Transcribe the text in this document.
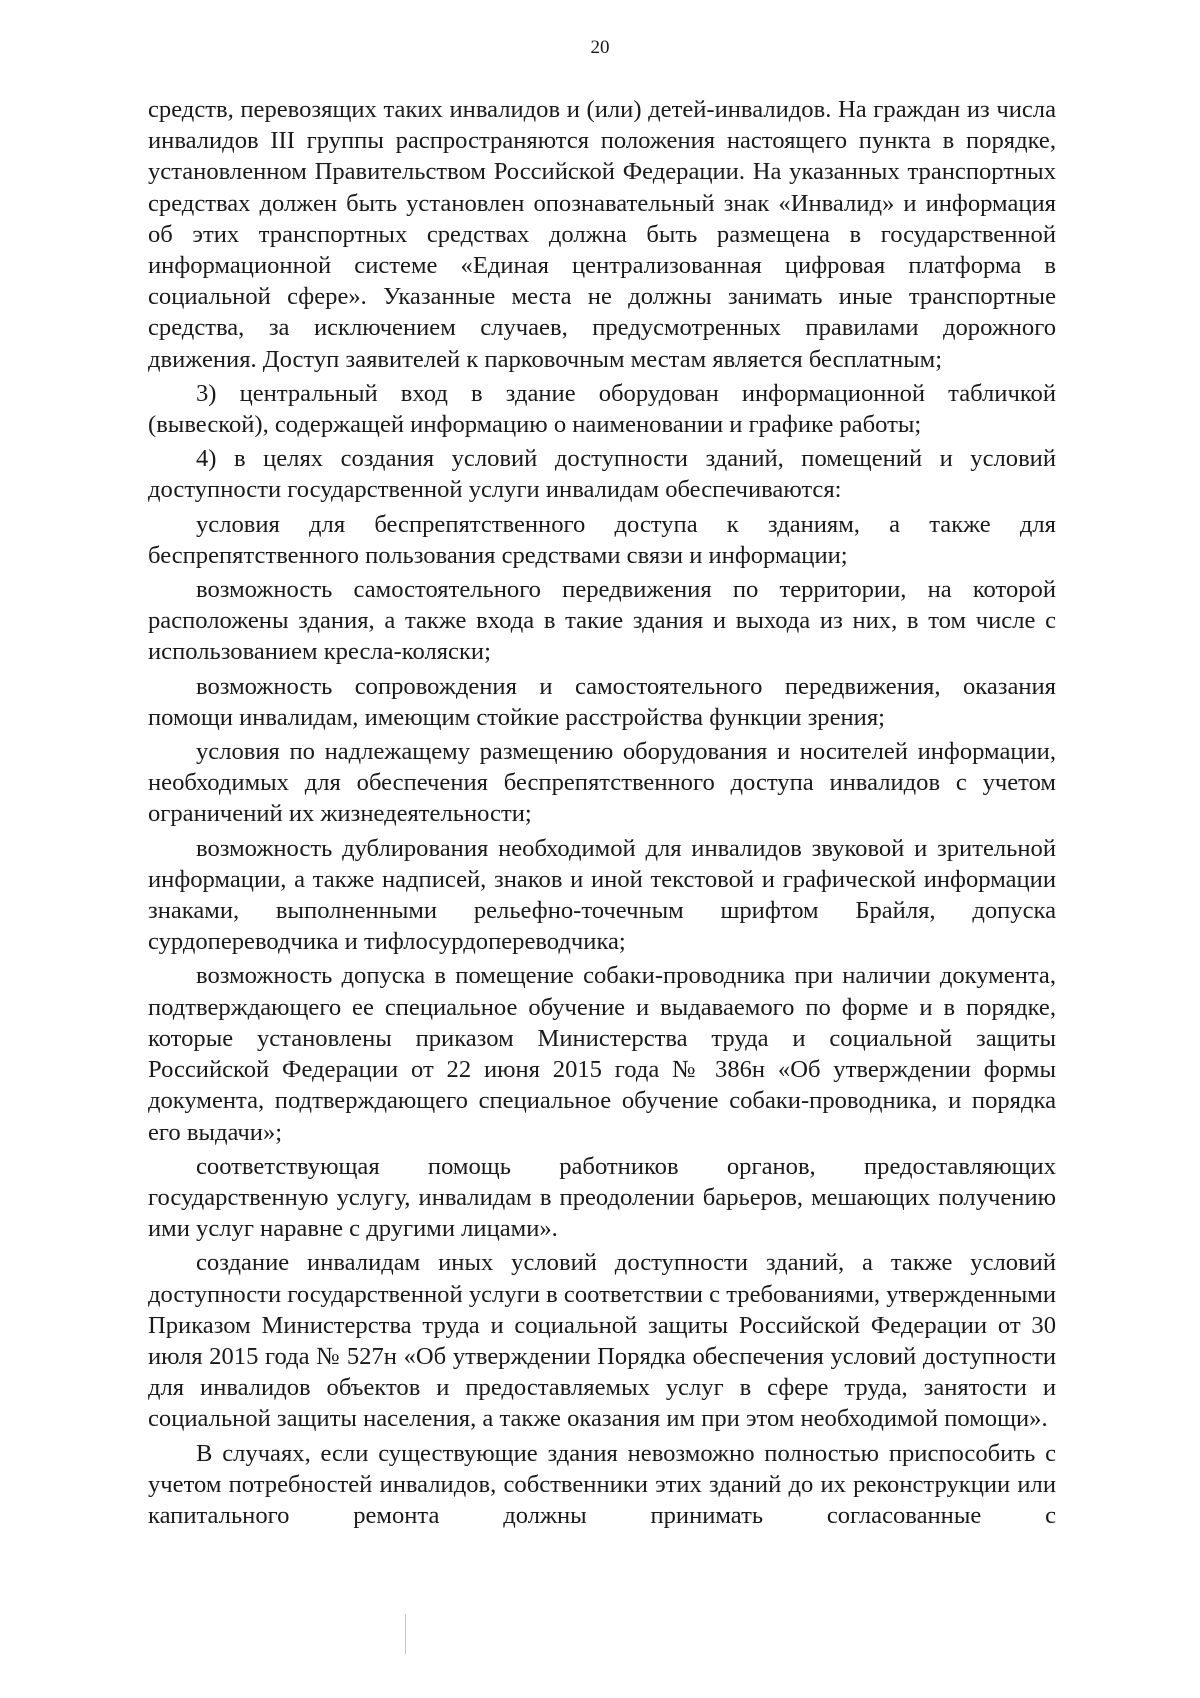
20

средств, перевозящих таких инвалидов и (или) детей-инвалидов. На граждан из числа инвалидов III группы распространяются положения настоящего пункта в порядке, установленном Правительством Российской Федерации. На указанных транспортных средствах должен быть установлен опознавательный знак «Инвалид» и информация об этих транспортных средствах должна быть размещена в государственной информационной системе «Единая централизованная цифровая платформа в социальной сфере». Указанные места не должны занимать иные транспортные средства, за исключением случаев, предусмотренных правилами дорожного движения. Доступ заявителей к парковочным местам является бесплатным;

3) центральный вход в здание оборудован информационной табличкой (вывеской), содержащей информацию о наименовании и графике работы;

4) в целях создания условий доступности зданий, помещений и условий доступности государственной услуги инвалидам обеспечиваются:

условия для беспрепятственного доступа к зданиям, а также для беспрепятственного пользования средствами связи и информации;

возможность самостоятельного передвижения по территории, на которой расположены здания, а также входа в такие здания и выхода из них, в том числе с использованием кресла-коляски;

возможность сопровождения и самостоятельного передвижения, оказания помощи инвалидам, имеющим стойкие расстройства функции зрения;

условия по надлежащему размещению оборудования и носителей информации, необходимых для обеспечения беспрепятственного доступа инвалидов с учетом ограничений их жизнедеятельности;

возможность дублирования необходимой для инвалидов звуковой и зрительной информации, а также надписей, знаков и иной текстовой и графической информации знаками, выполненными рельефно-точечным шрифтом Брайля, допуска сурдопереводчика и тифлосурдопереводчика;

возможность допуска в помещение собаки-проводника при наличии документа, подтверждающего ее специальное обучение и выдаваемого по форме и в порядке, которые установлены приказом Министерства труда и социальной защиты Российской Федерации от 22 июня 2015 года № 386н «Об утверждении формы документа, подтверждающего специальное обучение собаки-проводника, и порядка его выдачи»;

соответствующая помощь работников органов, предоставляющих государственную услугу, инвалидам в преодолении барьеров, мешающих получению ими услуг наравне с другими лицами».

создание инвалидам иных условий доступности зданий, а также условий доступности государственной услуги в соответствии с требованиями, утвержденными Приказом Министерства труда и социальной защиты Российской Федерации от 30 июля 2015 года № 527н «Об утверждении Порядка обеспечения условий доступности для инвалидов объектов и предоставляемых услуг в сфере труда, занятости и социальной защиты населения, а также оказания им при этом необходимой помощи».

В случаях, если существующие здания невозможно полностью приспособить с учетом потребностей инвалидов, собственники этих зданий до их реконструкции или капитального ремонта должны принимать согласованные с
